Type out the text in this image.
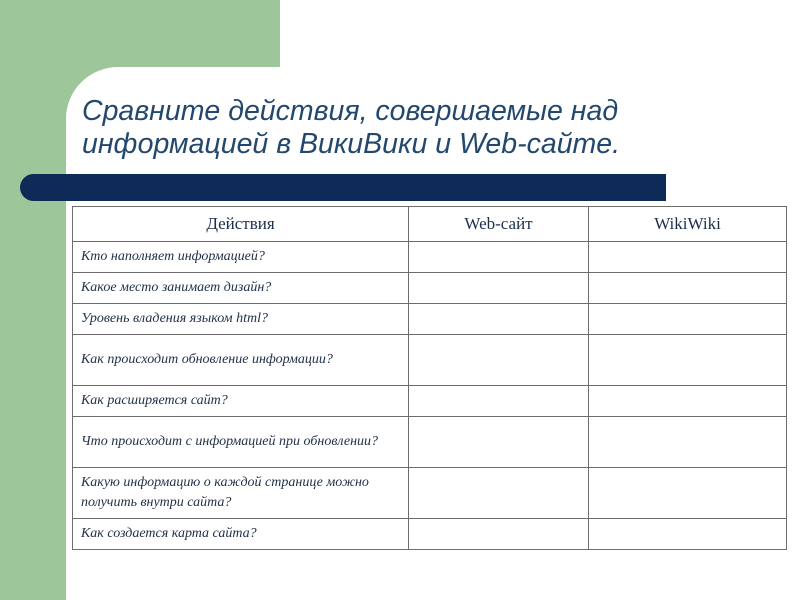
Сравните действия, совершаемые над
информацией в ВикиВики и Web-сайте.
Действия	Web-сайт	WikiWiki
Кто наполняет информацией?		
Какое место занимает дизайн?		
Уровень владения языком html?		
Как происходит обновление информации?		
Как расширяется сайт?		
Что происходит с информацией при обновлении?		
Какую информацию о каждой странице можно получить внутри сайта?		
Как создается карта сайта?		
